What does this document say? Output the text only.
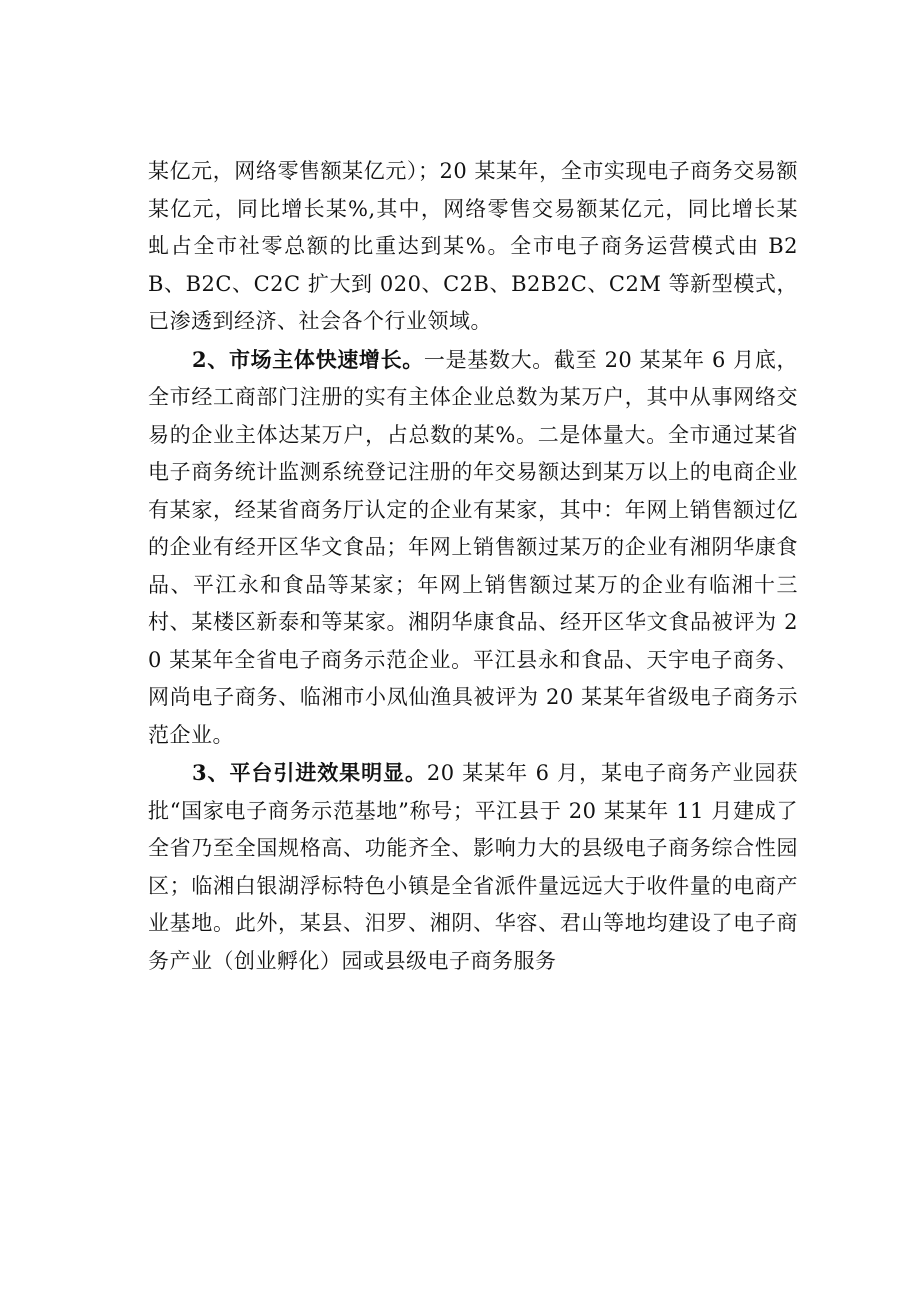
某亿元，网络零售额某亿元）；20 某某年，全市实现电子商务交易额某亿元，同比增长某%,其中，网络零售交易额某亿元，同比增长某虬占全市社零总额的比重达到某%。全市电子商务运营模式由 B2B、B2C、C2C 扩大到 020、C2B、B2B2C、C2M 等新型模式，已渗透到经济、社会各个行业领域。

2、市场主体快速增长。一是基数大。截至 20 某某年 6 月底，全市经工商部门注册的实有主体企业总数为某万户，其中从事网络交易的企业主体达某万户，占总数的某%。二是体量大。全市通过某省电子商务统计监测系统登记注册的年交易额达到某万以上的电商企业有某家，经某省商务厅认定的企业有某家，其中：年网上销售额过亿的企业有经开区华文食品；年网上销售额过某万的企业有湘阴华康食品、平江永和食品等某家；年网上销售额过某万的企业有临湘十三村、某楼区新泰和等某家。湘阴华康食品、经开区华文食品被评为 20 某某年全省电子商务示范企业。平江县永和食品、天宇电子商务、网尚电子商务、临湘市小凤仙渔具被评为 20 某某年省级电子商务示范企业。

3、平台引进效果明显。20 某某年 6 月，某电子商务产业园获批“国家电子商务示范基地”称号；平江县于 20 某某年 11 月建成了全省乃至全国规格高、功能齐全、影响力大的县级电子商务综合性园区；临湘白银湖浮标特色小镇是全省派件量远远大于收件量的电商产业基地。此外，某县、汨罗、湘阴、华容、君山等地均建设了电子商务产业（创业孵化）园或县级电子商务服务
